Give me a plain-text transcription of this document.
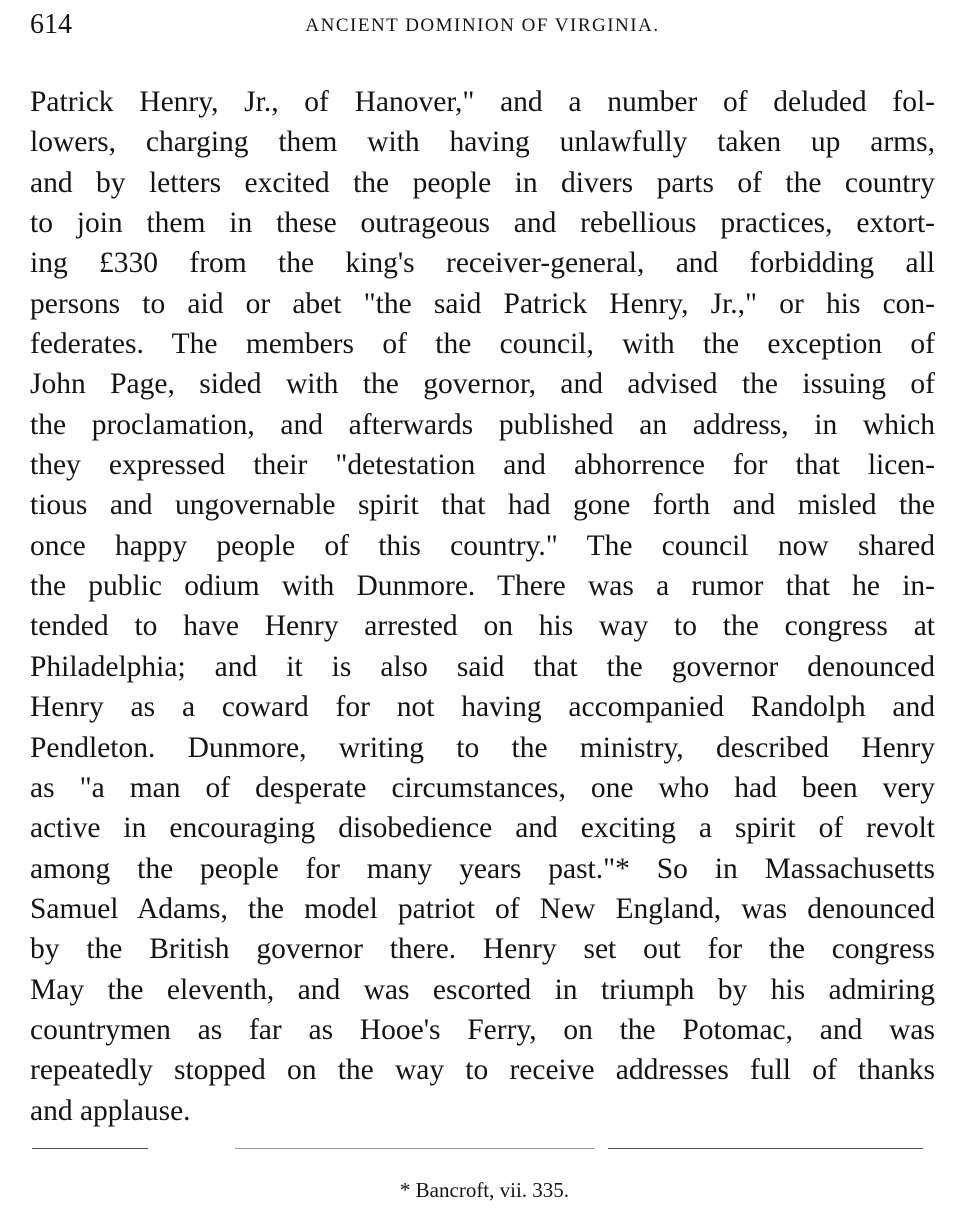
614	ANCIENT DOMINION OF VIRGINIA.
Patrick Henry, Jr., of Hanover," and a number of deluded fol-
lowers, charging them with having unlawfully taken up arms,
and by letters excited the people in divers parts of the country
to join them in these outrageous and rebellious practices, extort-
ing £330 from the king's receiver-general, and forbidding all
persons to aid or abet "the said Patrick Henry, Jr.," or his con-
federates. The members of the council, with the exception of
John Page, sided with the governor, and advised the issuing of
the proclamation, and afterwards published an address, in which
they expressed their "detestation and abhorrence for that licen-
tious and ungovernable spirit that had gone forth and misled the
once happy people of this country." The council now shared
the public odium with Dunmore. There was a rumor that he in-
tended to have Henry arrested on his way to the congress at
Philadelphia; and it is also said that the governor denounced
Henry as a coward for not having accompanied Randolph and
Pendleton. Dunmore, writing to the ministry, described Henry
as "a man of desperate circumstances, one who had been very
active in encouraging disobedience and exciting a spirit of revolt
among the people for many years past."* So in Massachusetts
Samuel Adams, the model patriot of New England, was denounced
by the British governor there. Henry set out for the congress
May the eleventh, and was escorted in triumph by his admiring
countrymen as far as Hooe's Ferry, on the Potomac, and was
repeatedly stopped on the way to receive addresses full of thanks
and applause.
* Bancroft, vii. 335.
